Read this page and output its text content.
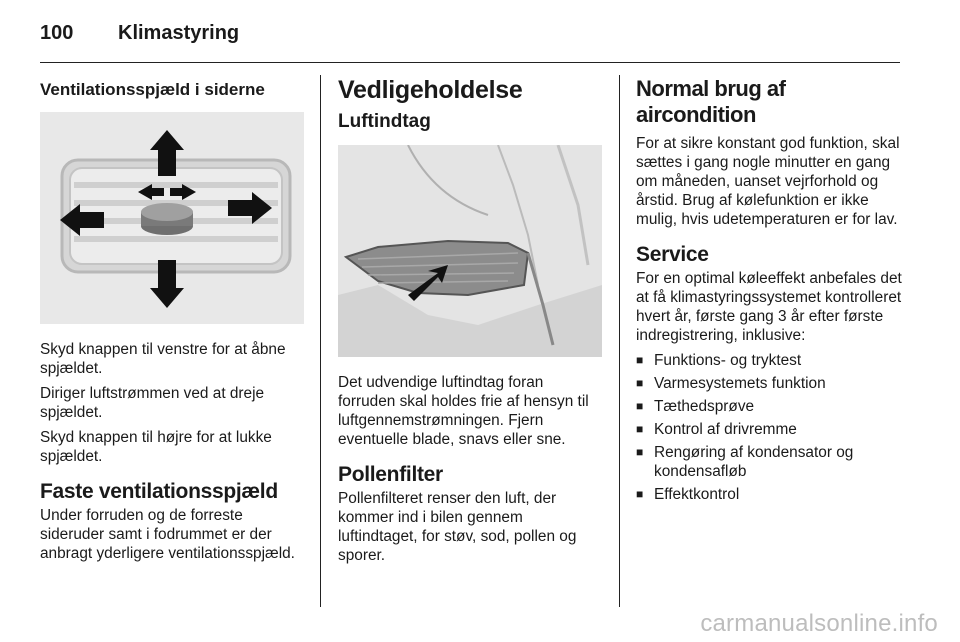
100	Klimastyring
Ventilationsspjæld i siderne

Skyd knappen til venstre for at åbne spjældet.

Diriger luftstrømmen ved at dreje spjældet.

Skyd knappen til højre for at lukke spjældet.

Faste ventilationsspjæld

Under forruden og de forreste sideruder samt i fodrummet er der anbragt yderligere ventilationsspjæld.

Vedligeholdelse
Luftindtag

Det udvendige luftindtag foran forruden skal holdes frie af hensyn til luftgennemstrømningen. Fjern eventuelle blade, snavs eller sne.

Pollenfilter

Pollenfilteret renser den luft, der kommer ind i bilen gennem luftindtaget, for støv, sod, pollen og sporer.

Normal brug af aircondition

For at sikre konstant god funktion, skal sættes i gang nogle minutter en gang om måneden, uanset vejrforhold og årstid. Brug af kølefunktion er ikke mulig, hvis udetemperaturen er for lav.

Service

For en optimal køleeffekt anbefales det at få klimastyringssystemet kontrolleret hvert år, første gang 3 år efter første indregistrering, inklusive:

■ Funktions- og tryktest
■ Varmesystemets funktion
■ Tæthedsprøve
■ Kontrol af drivremme
■ Rengøring af kondensator og kondensafløb
■ Effektkontrol
carmanualsonline.info
